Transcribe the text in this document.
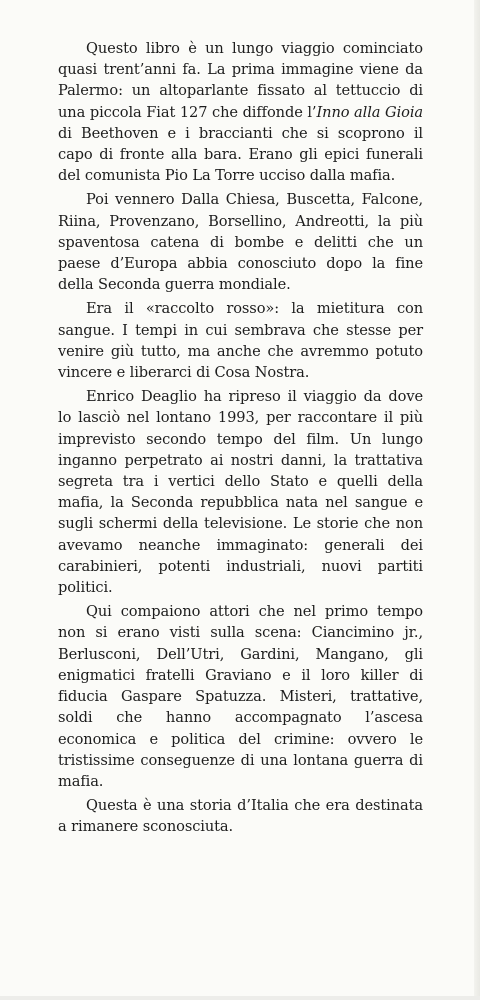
Questo libro è un lungo viaggio cominciato quasi trent’anni fa. La prima immagine viene da Palermo: un altoparlante fissato al tettuccio di una piccola Fiat 127 che diffonde l’Inno alla Gioia di Beethoven e i braccianti che si scoprono il capo di fronte alla bara. Erano gli epici funerali del comunista Pio La Torre ucciso dalla mafia.

Poi vennero Dalla Chiesa, Buscetta, Falcone, Riina, Provenzano, Borsellino, Andreotti, la più spaventosa catena di bombe e delitti che un paese d’Europa abbia conosciuto dopo la fine della Seconda guerra mondiale.

Era il «raccolto rosso»: la mietitura con sangue. I tempi in cui sembrava che stesse per venire giù tutto, ma anche che avremmo potuto vincere e liberarci di Cosa Nostra.

Enrico Deaglio ha ripreso il viaggio da dove lo lasciò nel lontano 1993, per raccontare il più imprevisto secondo tempo del film. Un lungo inganno perpetrato ai nostri danni, la trattativa segreta tra i vertici dello Stato e quelli della mafia, la Seconda repubblica nata nel sangue e sugli schermi della televisione. Le storie che non avevamo neanche immaginato: generali dei carabinieri, potenti industriali, nuovi partiti politici.

Qui compaiono attori che nel primo tempo non si erano visti sulla scena: Ciancimino jr., Berlusconi, Dell’Utri, Gardini, Mangano, gli enigmatici fratelli Graviano e il loro killer di fiducia Gaspare Spatuzza. Misteri, trattative, soldi che hanno accompagnato l’ascesa economica e politica del crimine: ovvero le tristissime conseguenze di una lontana guerra di mafia.

Questa è una storia d’Italia che era destinata a rimanere sconosciuta.
